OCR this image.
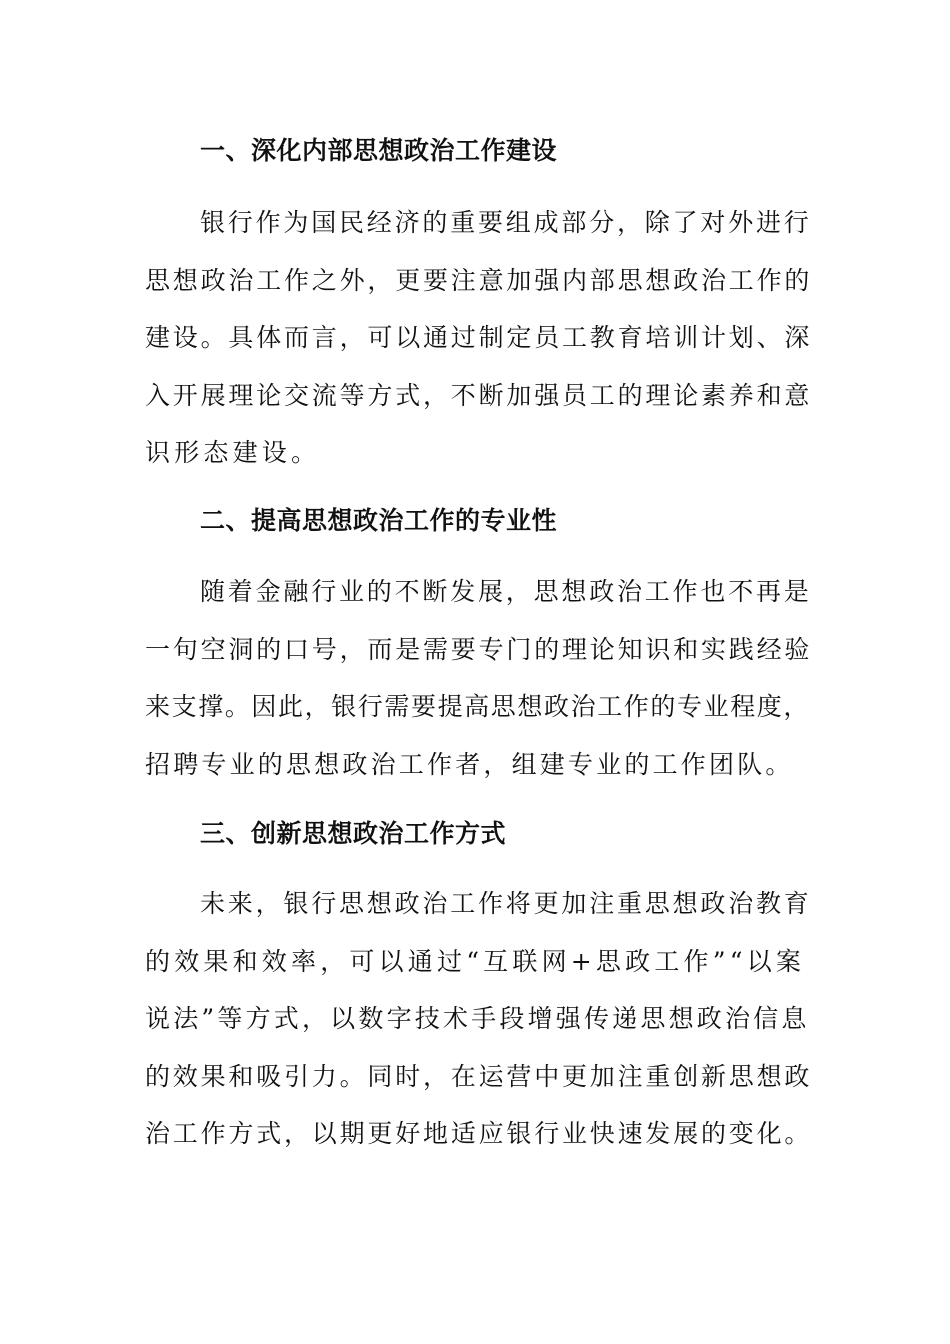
一、深化内部思想政治工作建设
银行作为国民经济的重要组成部分，除了对外进行
思想政治工作之外，更要注意加强内部思想政治工作的
建设。具体而言，可以通过制定员工教育培训计划、深
入开展理论交流等方式，不断加强员工的理论素养和意
识形态建设。
二、提高思想政治工作的专业性
随着金融行业的不断发展，思想政治工作也不再是
一句空洞的口号，而是需要专门的理论知识和实践经验
来支撑。因此，银行需要提高思想政治工作的专业程度，
招聘专业的思想政治工作者，组建专业的工作团队。
三、创新思想政治工作方式
未来，银行思想政治工作将更加注重思想政治教育
的效果和效率，可以通过“互联网+思政工作”“以案
说法”等方式，以数字技术手段增强传递思想政治信息
的效果和吸引力。同时，在运营中更加注重创新思想政
治工作方式，以期更好地适应银行业快速发展的变化。
